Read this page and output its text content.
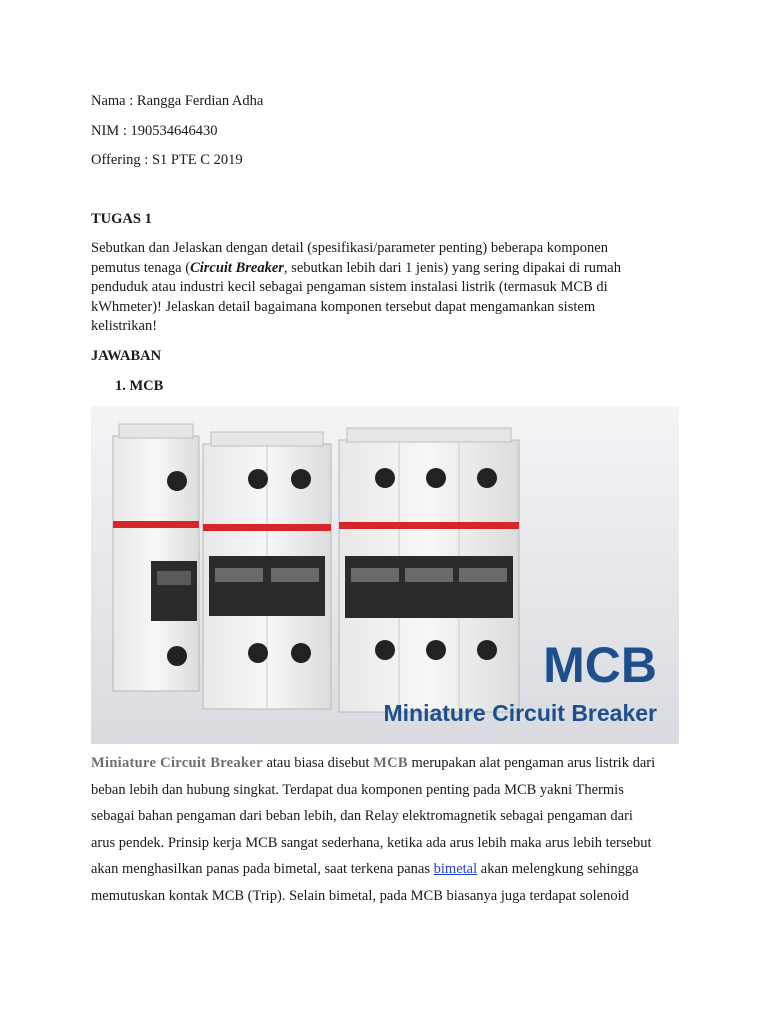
Nama : Rangga Ferdian Adha
NIM : 190534646430
Offering : S1 PTE C 2019
TUGAS 1

Sebutkan dan Jelaskan dengan detail (spesifikasi/parameter penting) beberapa komponen

pemutus tenaga (Circuit Breaker, sebutkan lebih dari 1 jenis) yang sering dipakai di rumah

penduduk atau industri kecil sebagai pengaman sistem instalasi listrik (termasuk MCB di

kWhmeter)! Jelaskan detail bagaimana komponen tersebut dapat mengamankan sistem

kelistrikan!

JAWABAN
1. MCB
MCB
Miniature Circuit Breaker

Miniature Circuit Breaker atau biasa disebut MCB merupakan alat pengaman arus listrik dari

beban lebih dan hubung singkat. Terdapat dua komponen penting pada MCB yakni Thermis

sebagai bahan pengaman dari beban lebih, dan Relay elektromagnetik sebagai pengaman dari

arus pendek. Prinsip kerja MCB sangat sederhana, ketika ada arus lebih maka arus lebih tersebut

akan menghasilkan panas pada bimetal, saat terkena panas bimetal akan melengkung sehingga

memutuskan kontak MCB (Trip). Selain bimetal, pada MCB biasanya juga terdapat solenoid
